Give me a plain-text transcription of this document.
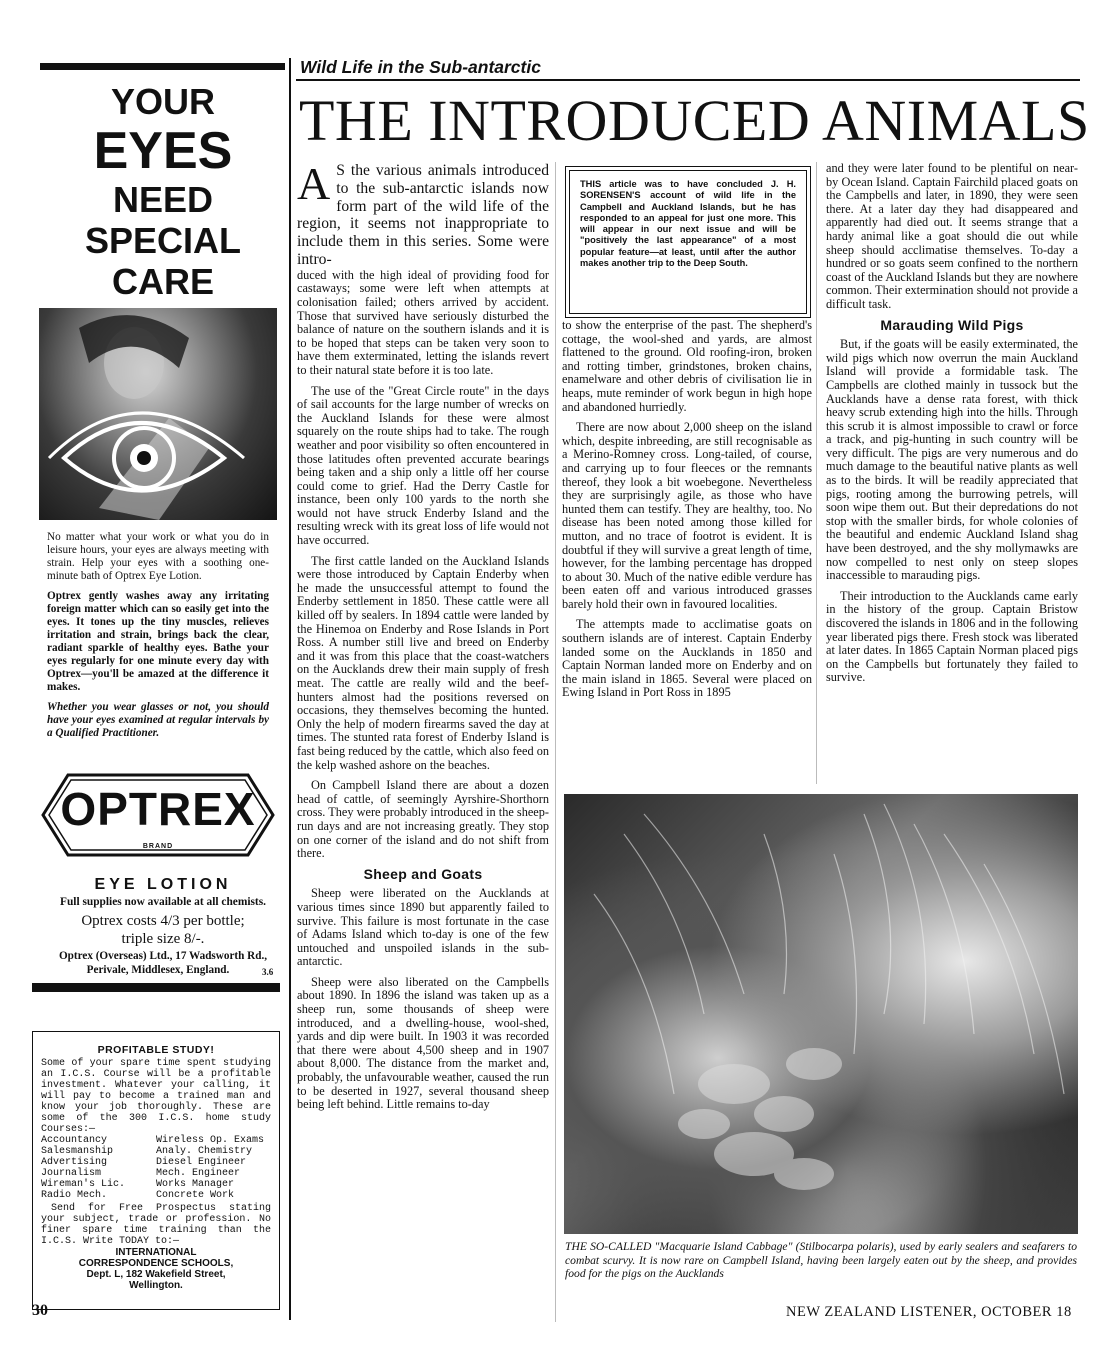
Wild Life in the Sub-antarctic
THE INTRODUCED ANIMALS
YOUR
EYES
NEED
SPECIAL
CARE

No matter what your work or what you do in leisure hours, your eyes are always meeting with strain. Help your eyes with a soothing one-minute bath of Optrex Eye Lotion.

Optrex gently washes away any irritating foreign matter which can so easily get into the eyes. It tones up the tiny muscles, relieves irritation and strain, brings back the clear, radiant sparkle of healthy eyes. Bathe your eyes regularly for one minute every day with Optrex—you'll be amazed at the difference it makes.

Whether you wear glasses or not, you should have your eyes examined at regular intervals by a Qualified Practitioner.

OPTREX
BRAND
EYE LOTION
Full supplies now available at all chemists.
Optrex costs 4/3 per bottle;
triple size 8/-.
Optrex (Overseas) Ltd., 17 Wadsworth Rd.,
Perivale, Middlesex, England.	3.6
PROFITABLE STUDY!
Some of your spare time spent studying an I.C.S. Course will be a profitable investment. Whatever your calling, it will pay to become a trained man and know your job thoroughly. These are some of the 300 I.C.S. home study Courses:—
Accountancy	Wireless Op. Exams
Salesmanship	Analy. Chemistry
Advertising	Diesel Engineer
Journalism	Mech. Engineer
Wireman's Lic.	Works Manager
Radio Mech.	Concrete Work
Send for Free Prospectus stating your subject, trade or profession. No finer spare time training than the I.C.S. Write TODAY to:—
INTERNATIONAL
CORRESPONDENCE SCHOOLS,
Dept. L, 182 Wakefield Street,
Wellington.
A S the various animals introduced to the sub-antarctic islands now form part of the wild life of the region, it seems not inappropriate to include them in this series. Some were intro-

duced with the high ideal of providing food for castaways; some were left when attempts at colonisation failed; others arrived by accident. Those that survived have seriously disturbed the balance of nature on the southern islands and it is to be hoped that steps can be taken very soon to have them exterminated, letting the islands revert to their natural state before it is too late.

The use of the "Great Circle route" in the days of sail accounts for the large number of wrecks on the Auckland Islands for these were almost squarely on the route ships had to take. The rough weather and poor visibility so often encountered in those latitudes often prevented accurate bearings being taken and a ship only a little off her course could come to grief. Had the Derry Castle for instance, been only 100 yards to the north she would not have struck Enderby Island and the resulting wreck with its great loss of life would not have occurred.

The first cattle landed on the Auckland Islands were those introduced by Captain Enderby when he made the unsuccessful attempt to found the Enderby settlement in 1850. These cattle were all killed off by sealers. In 1894 cattle were landed by the Hinemoa on Enderby and Rose Islands in Port Ross. A number still live and breed on Enderby and it was from this place that the coast-watchers on the Aucklands drew their main supply of fresh meat. The cattle are really wild and the beef-hunters almost had the positions reversed on occasions, they themselves becoming the hunted. Only the help of modern firearms saved the day at times. The stunted rata forest of Enderby Island is fast being reduced by the cattle, which also feed on the kelp washed ashore on the beaches.

On Campbell Island there are about a dozen head of cattle, of seemingly Ayrshire-Shorthorn cross. They were probably introduced in the sheep-run days and are not increasing greatly. They stop on one corner of the island and do not shift from there.

Sheep and Goats

Sheep were liberated on the Aucklands at various times since 1890 but apparently failed to survive. This failure is most fortunate in the case of Adams Island which to-day is one of the few untouched and unspoiled islands in the sub-antarctic.

Sheep were also liberated on the Campbells about 1890. In 1896 the island was taken up as a sheep run, some thousands of sheep were introduced, and a dwelling-house, wool-shed, yards and dip were built. In 1903 it was recorded that there were about 4,500 sheep and in 1907 about 8,000. The distance from the market and, probably, the unfavourable weather, caused the run to be deserted in 1927, several thousand sheep being left behind. Little remains to-day

THIS article was to have concluded J. H. SORENSEN'S account of wild life in the Campbell and Auckland Islands, but he has responded to an appeal for just one more. This will appear in our next issue and will be "positively the last appearance" of a most popular feature—at least, until after the author makes another trip to the Deep South.

to show the enterprise of the past. The shepherd's cottage, the wool-shed and yards, are almost flattened to the ground. Old roofing-iron, broken and rotting timber, grindstones, broken chains, enamelware and other debris of civilisation lie in heaps, mute reminder of work begun in high hope and abandoned hurriedly.

There are now about 2,000 sheep on the island which, despite inbreeding, are still recognisable as a Merino-Romney cross. Long-tailed, of course, and carrying up to four fleeces or the remnants thereof, they look a bit woebegone. Nevertheless they are surprisingly agile, as those who have hunted them can testify. They are healthy, too. No disease has been noted among those killed for mutton, and no trace of footrot is evident. It is doubtful if they will survive a great length of time, however, for the lambing percentage has dropped to about 30. Much of the native edible verdure has been eaten off and various introduced grasses barely hold their own in favoured localities.

The attempts made to acclimatise goats on southern islands are of interest. Captain Enderby landed some on the Aucklands in 1850 and Captain Norman landed more on Enderby and on the main island in 1865. Several were placed on Ewing Island in Port Ross in 1895

and they were later found to be plentiful on near-by Ocean Island. Captain Fairchild placed goats on the Campbells and later, in 1890, they were seen there. At a later day they had disappeared and apparently had died out. It seems strange that a hardy animal like a goat should die out while sheep should acclimatise themselves. To-day a hundred or so goats seem confined to the northern coast of the Auckland Islands but they are nowhere common. Their extermination should not provide a difficult task.

Marauding Wild Pigs

But, if the goats will be easily exterminated, the wild pigs which now overrun the main Auckland Island will provide a formidable task. The Campbells are clothed mainly in tussock but the Aucklands have a dense rata forest, with thick heavy scrub extending high into the hills. Through this scrub it is almost impossible to crawl or force a track, and pig-hunting in such country will be very difficult. The pigs are very numerous and do much damage to the beautiful native plants as well as to the birds. It will be readily appreciated that pigs, rooting among the burrowing petrels, will soon wipe them out. But their depredations do not stop with the smaller birds, for whole colonies of the beautiful and endemic Auckland Island shag have been destroyed, and the shy mollymawks are now compelled to nest only on steep slopes inaccessible to marauding pigs.

Their introduction to the Aucklands came early in the history of the group. Captain Bristow discovered the islands in 1806 and in the following year liberated pigs there. Fresh stock was liberated at later dates. In 1865 Captain Norman placed pigs on the Campbells but fortunately they failed to survive.

THE SO-CALLED "Macquarie Island Cabbage" (Stilbocarpa polaris), used by early sealers and seafarers to combat scurvy. It is now rare on Campbell Island, having been largely eaten out by the sheep, and provides food for the pigs on the Aucklands
30	NEW ZEALAND LISTENER, OCTOBER 18
